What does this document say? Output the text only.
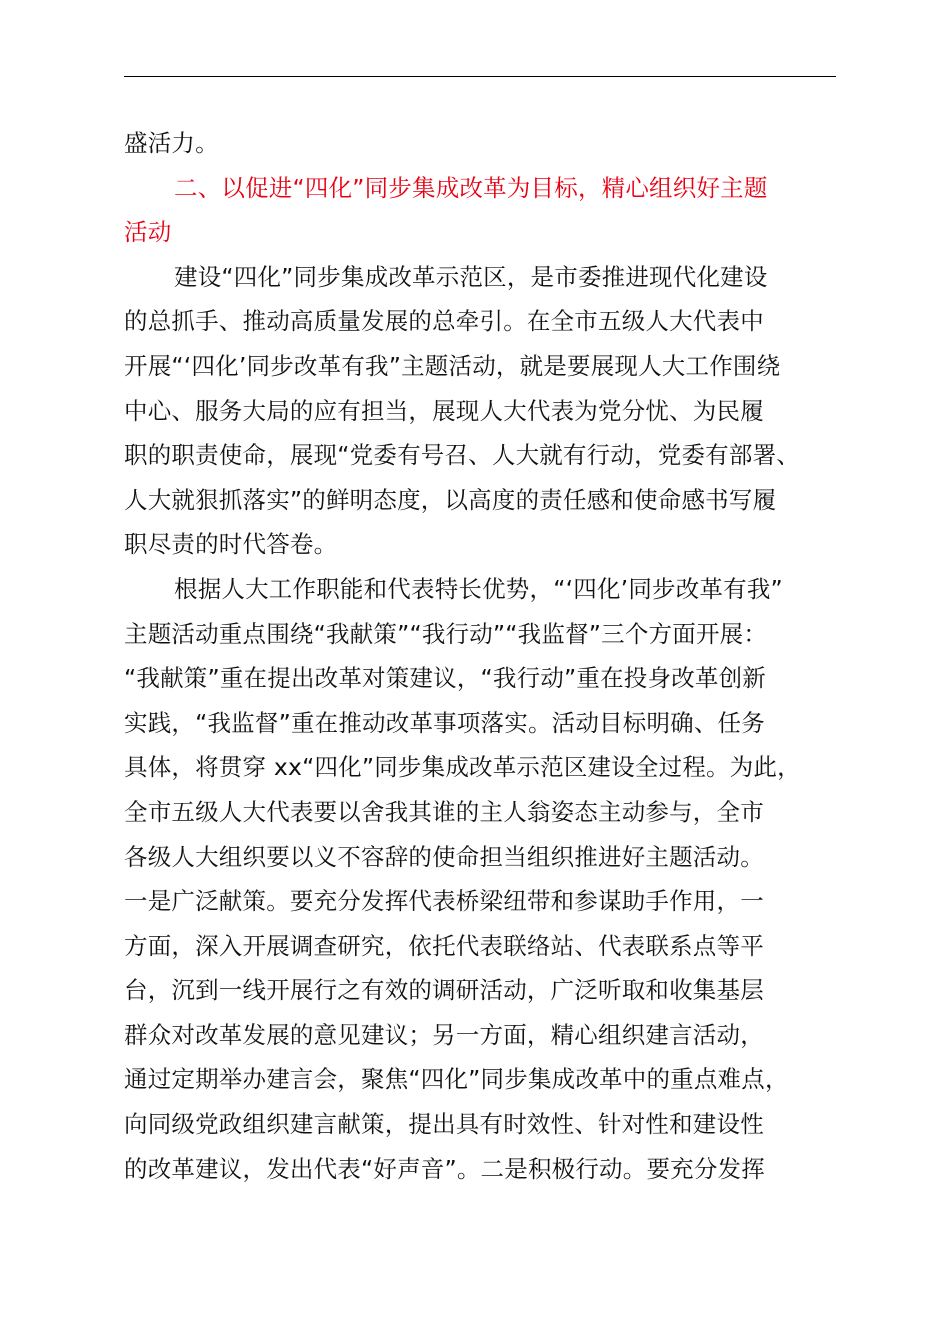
盛活力。
二、以促进“四化”同步集成改革为目标，精心组织好主题
活动
建设“四化”同步集成改革示范区，是市委推进现代化建设
的总抓手、推动高质量发展的总牵引。在全市五级人大代表中
开展“‘四化’同步改革有我”主题活动，就是要展现人大工作围绕
中心、服务大局的应有担当，展现人大代表为党分忧、为民履
职的职责使命，展现“党委有号召、人大就有行动，党委有部署、
人大就狠抓落实”的鲜明态度，以高度的责任感和使命感书写履
职尽责的时代答卷。
根据人大工作职能和代表特长优势，“‘四化’同步改革有我”
主题活动重点围绕“我献策”“我行动”“我监督”三个方面开展：
“我献策”重在提出改革对策建议，“我行动”重在投身改革创新
实践，“我监督”重在推动改革事项落实。活动目标明确、任务
具体，将贯穿 xx“四化”同步集成改革示范区建设全过程。为此，
全市五级人大代表要以舍我其谁的主人翁姿态主动参与，全市
各级人大组织要以义不容辞的使命担当组织推进好主题活动。
一是广泛献策。要充分发挥代表桥梁纽带和参谋助手作用，一
方面，深入开展调查研究，依托代表联络站、代表联系点等平
台，沉到一线开展行之有效的调研活动，广泛听取和收集基层
群众对改革发展的意见建议；另一方面，精心组织建言活动，
通过定期举办建言会，聚焦“四化”同步集成改革中的重点难点，
向同级党政组织建言献策，提出具有时效性、针对性和建设性
的改革建议，发出代表“好声音”。二是积极行动。要充分发挥
